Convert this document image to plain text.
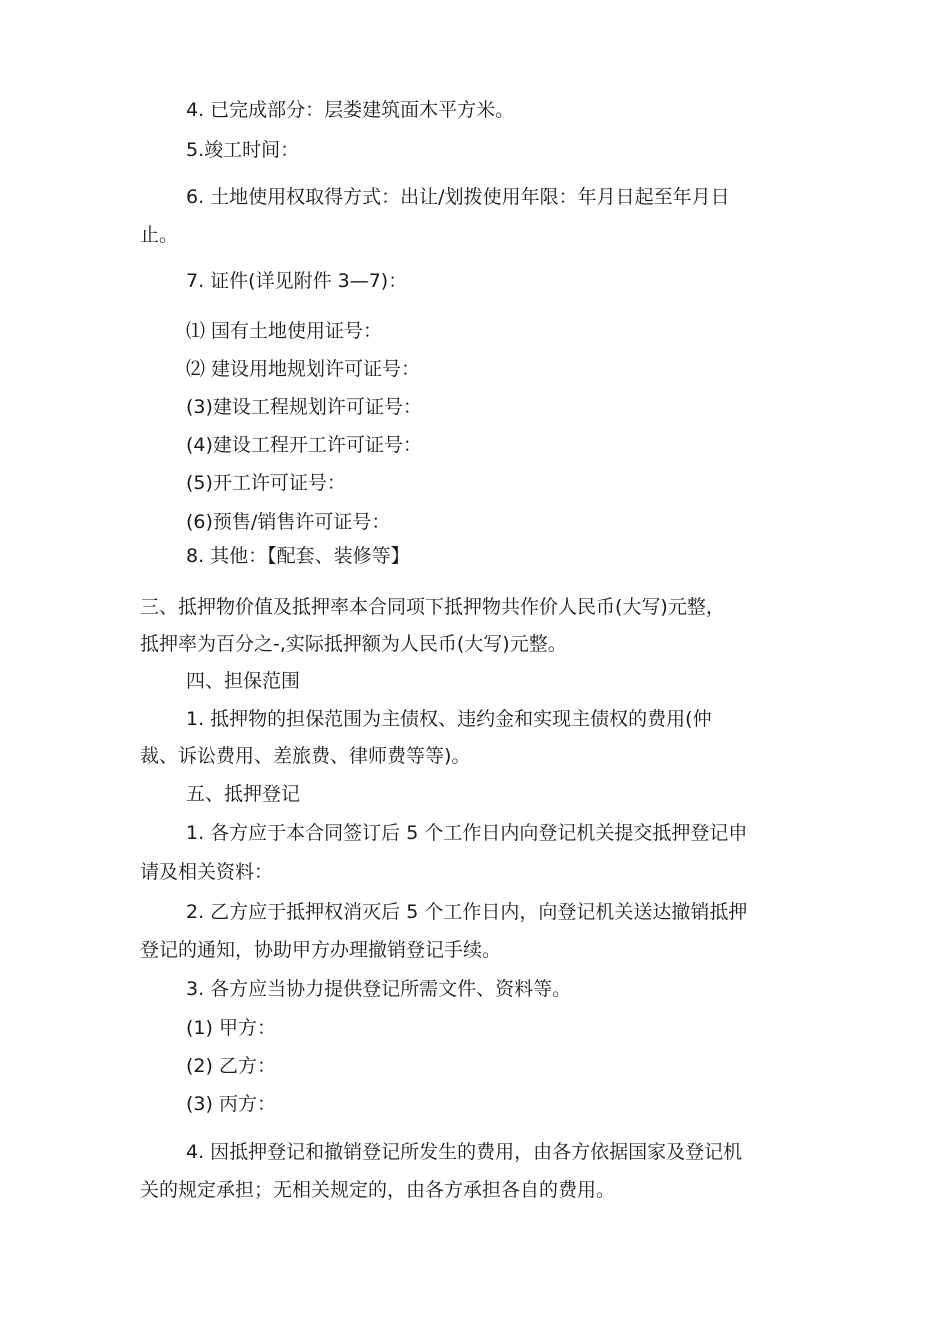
4. 已完成部分：层娄建筑面木平方米。
5.竣工时间：
6. 土地使用权取得方式：出让/划拨使用年限：年月日起至年月日
止。
7. 证件(详见附件 3—7)：
⑴ 国有土地使用证号：
⑵ 建设用地规划许可证号：
(3)建设工程规划许可证号：
(4)建设工程开工许可证号：
(5)开工许可证号：
(6)预售/销售许可证号：
8. 其他：【配套、装修等】
三、抵押物价值及抵押率本合同项下抵押物共作价人民币(大写)元整，
抵押率为百分之-,实际抵押额为人民币(大写)元整。
四、担保范围
1. 抵押物的担保范围为主债权、违约金和实现主债权的费用(仲
裁、诉讼费用、差旅费、律师费等等)。
五、抵押登记
1. 各方应于本合同签订后 5 个工作日内向登记机关提交抵押登记申
请及相关资料：
2. 乙方应于抵押权消灭后 5 个工作日内，向登记机关送达撤销抵押
登记的通知，协助甲方办理撤销登记手续。
3. 各方应当协力提供登记所需文件、资料等。
(1) 甲方：
(2) 乙方：
(3) 丙方：
4. 因抵押登记和撤销登记所发生的费用，由各方依据国家及登记机
关的规定承担；无相关规定的，由各方承担各自的费用。
